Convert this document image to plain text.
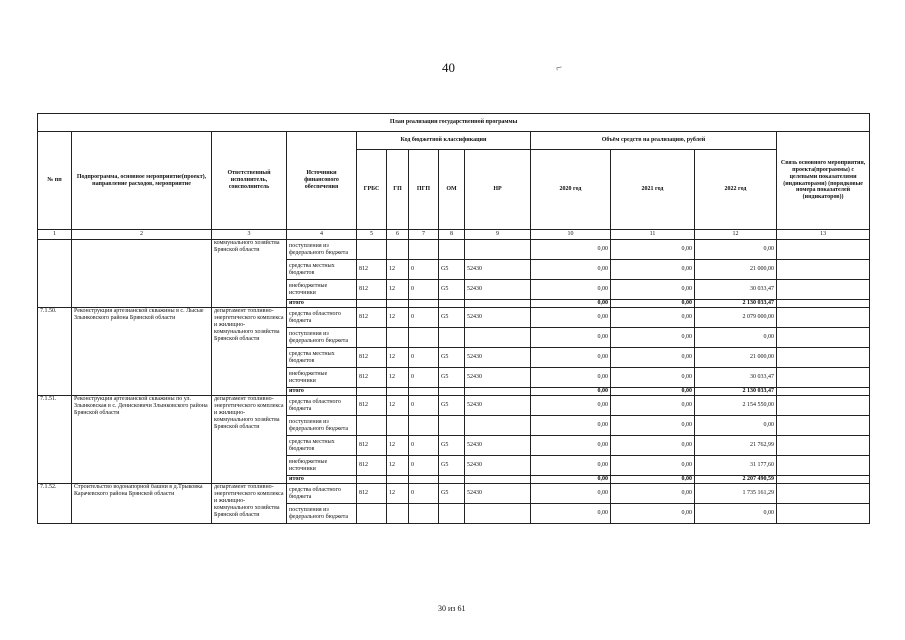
40	⌐
План реализации государственной программы												
№ пп	Подпрограмма, основное мероприятие(проект), направление расходов, мероприятие	Ответственный исполнитель, соисполнитель	Источники финансового обеспечения	Код бюджетной классификации					Объём средств на реализацию, рублей			Связь основного мероприятия, проекта(программы) с целевыми показателями (индикаторами) (порядковые номера показателей (индикаторов))
				ГРБС	ГП	ПГП	ОМ	НР	2020 год	2021 год	2022 год	
1	2	3	4	5	6	7	8	9	10	11	12	13
		коммунального хозяйства Брянской области	поступления из федерального бюджета						0,00	0,00	0,00	
			средства местных бюджетов	812	12	0	G5	52430	0,00	0,00	21 000,00	
			внебюджетные источники	812	12	0	G5	52430	0,00	0,00	30 033,47	
			итого						0,00	0,00	2 130 033,47	
7.1.50.	Реконструкция артезианской скважины в с. Лысые Злынковского района Брянской области	департамент топливно-энергетического комплекса и жилищно-коммунального хозяйства Брянской области	средства областного бюджета	812	12	0	G5	52430	0,00	0,00	2 079 000,00	
			поступления из федерального бюджета						0,00	0,00	0,00	
			средства местных бюджетов	812	12	0	G5	52430	0,00	0,00	21 000,00	
			внебюджетные источники	812	12	0	G5	52430	0,00	0,00	30 033,47	
			итого						0,00	0,00	2 130 033,47	
7.1.51.	Реконструкция артезианской скважины по ул. Злынковская в с. Денисковичи Злынковского района Брянской области	департамент топливно-энергетического комплекса и жилищно-коммунального хозяйства Брянской области	средства областного бюджета	812	12	0	G5	52430	0,00	0,00	2 154 550,00	
			поступления из федерального бюджета						0,00	0,00	0,00	
			средства местных бюджетов	812	12	0	G5	52430	0,00	0,00	21 762,99	
			внебюджетные источники	812	12	0	G5	52430	0,00	0,00	31 177,60	
			итого						0,00	0,00	2 207 490,59	
7.1.52.	Строительство водонапорной башни в д.Трыковка Карачевского района Брянской области	департамент топливно-энергетического комплекса и жилищно-коммунального хозяйства Брянской области	средства областного бюджета	812	12	0	G5	52430	0,00	0,00	1 735 161,29	
			поступления из федерального бюджета						0,00	0,00	0,00	
30 из 61
